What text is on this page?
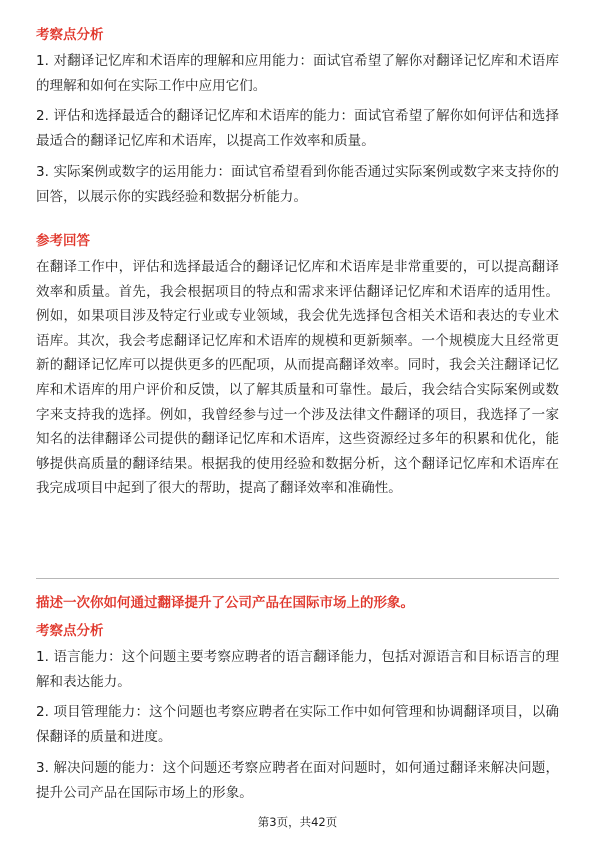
考察点分析
1. 对翻译记忆库和术语库的理解和应用能力：面试官希望了解你对翻译记忆库和术语库的理解和如何在实际工作中应用它们。
2. 评估和选择最适合的翻译记忆库和术语库的能力：面试官希望了解你如何评估和选择最适合的翻译记忆库和术语库，以提高工作效率和质量。
3. 实际案例或数字的运用能力：面试官希望看到你能否通过实际案例或数字来支持你的回答，以展示你的实践经验和数据分析能力。
参考回答
在翻译工作中，评估和选择最适合的翻译记忆库和术语库是非常重要的，可以提高翻译效率和质量。首先，我会根据项目的特点和需求来评估翻译记忆库和术语库的适用性。例如，如果项目涉及特定行业或专业领域，我会优先选择包含相关术语和表达的专业术语库。其次，我会考虑翻译记忆库和术语库的规模和更新频率。一个规模庞大且经常更新的翻译记忆库可以提供更多的匹配项，从而提高翻译效率。同时，我会关注翻译记忆库和术语库的用户评价和反馈，以了解其质量和可靠性。最后，我会结合实际案例或数字来支持我的选择。例如，我曾经参与过一个涉及法律文件翻译的项目，我选择了一家知名的法律翻译公司提供的翻译记忆库和术语库，这些资源经过多年的积累和优化，能够提供高质量的翻译结果。根据我的使用经验和数据分析，这个翻译记忆库和术语库在我完成项目中起到了很大的帮助，提高了翻译效率和准确性。
描述一次你如何通过翻译提升了公司产品在国际市场上的形象。
考察点分析
1. 语言能力：这个问题主要考察应聘者的语言翻译能力，包括对源语言和目标语言的理解和表达能力。
2. 项目管理能力：这个问题也考察应聘者在实际工作中如何管理和协调翻译项目，以确保翻译的质量和进度。
3. 解决问题的能力：这个问题还考察应聘者在面对问题时，如何通过翻译来解决问题，提升公司产品在国际市场上的形象。
第3页，共42页
